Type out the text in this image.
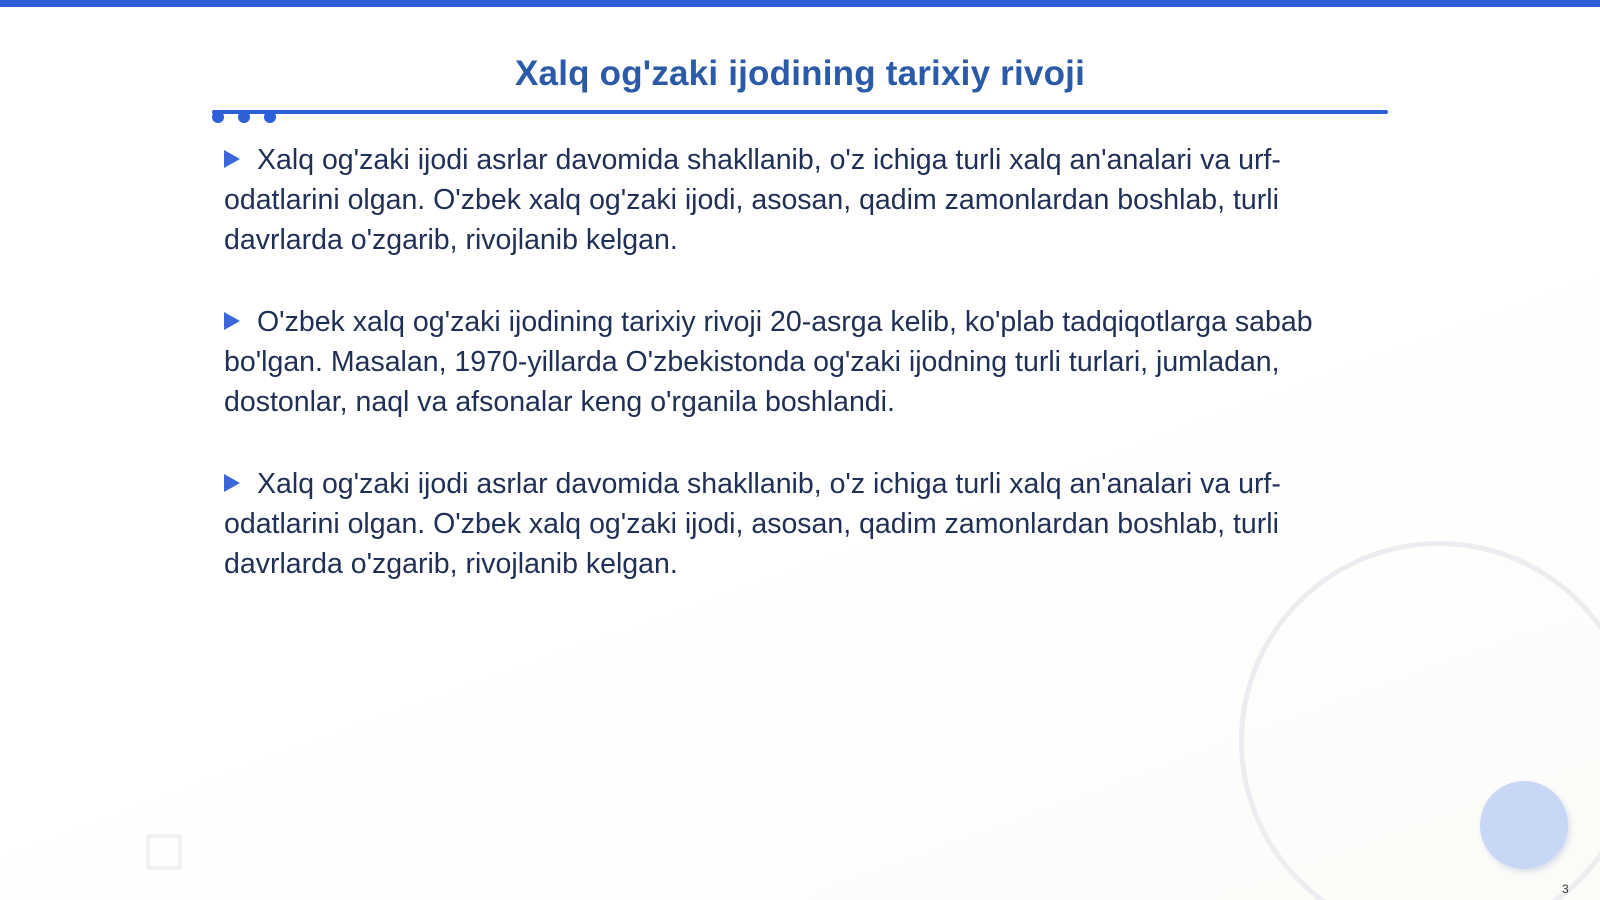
Xalq og'zaki ijodining tarixiy rivoji
Xalq og'zaki ijodi asrlar davomida shakllanib, o'z ichiga turli xalq an'analari va urf-odatlarini olgan. O'zbek xalq og'zaki ijodi, asosan, qadim zamonlardan boshlab, turli davrlarda o'zgarib, rivojlanib kelgan.
O'zbek xalq og'zaki ijodining tarixiy rivoji 20-asrga kelib, ko'plab tadqiqotlarga sabab bo'lgan. Masalan, 1970-yillarda O'zbekistonda og'zaki ijodning turli turlari, jumladan, dostonlar, naql va afsonalar keng o'rganila boshlandi.
Xalq og'zaki ijodi asrlar davomida shakllanib, o'z ichiga turli xalq an'analari va urf-odatlarini olgan. O'zbek xalq og'zaki ijodi, asosan, qadim zamonlardan boshlab, turli davrlarda o'zgarib, rivojlanib kelgan.
3
